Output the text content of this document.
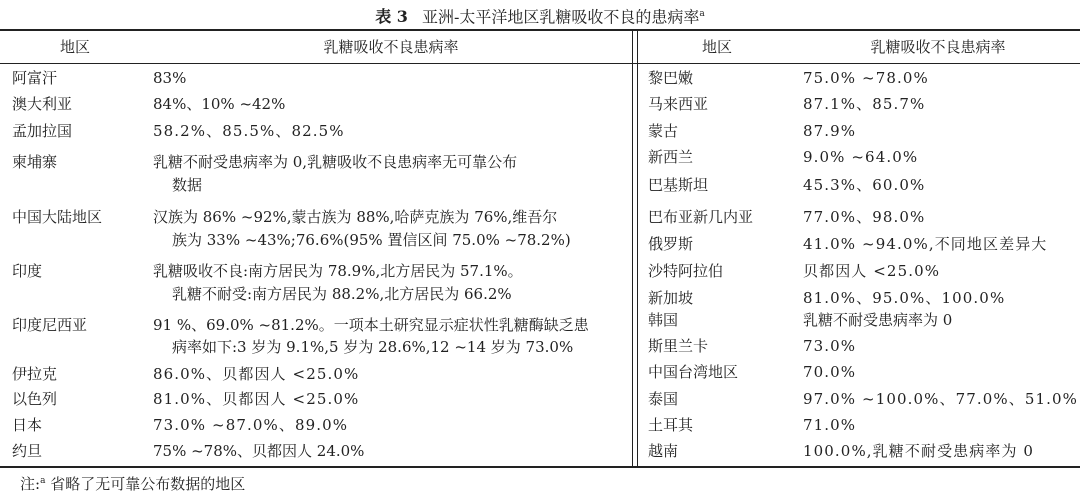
表 3 亚洲-太平洋地区乳糖吸收不良的患病率$^a$
地区	乳糖吸收不良患病率	地区	乳糖吸收不良患病率
阿富汗	83%
澳大利亚	84%、10% ~42%
孟加拉国	58.2%、85.5%、82.5%
柬埔寨	乳糖不耐受患病率为 0,乳糖吸收不良患病率无可靠公布
数据
中国大陆地区	汉族为 86% ~92%,蒙古族为 88%,哈萨克族为 76%,维吾尔
族为 33% ~43%;76.6%(95% 置信区间 75.0% ~78.2%)
印度	乳糖吸收不良:南方居民为 78.9%,北方居民为 57.1%。
乳糖不耐受:南方居民为 88.2%,北方居民为 66.2%
印度尼西亚	91 %、69.0% ~81.2%。一项本土研究显示症状性乳糖酶缺乏患
病率如下:3 岁为 9.1%,5 岁为 28.6%,12 ~14 岁为 73.0%
伊拉克	86.0%、贝都因人 <25.0%
以色列	81.0%、贝都因人 <25.0%
日本	73.0% ~87.0%、89.0%
约旦	75% ~78%、贝都因人 24.0%
黎巴嫩	75.0% ~78.0%
马来西亚	87.1%、85.7%
蒙古	87.9%
新西兰	9.0% ~64.0%
巴基斯坦	45.3%、60.0%
巴布亚新几内亚	77.0%、98.0%
俄罗斯	41.0% ~94.0%,不同地区差异大
沙特阿拉伯	贝都因人 <25.0%
新加坡	81.0%、95.0%、100.0%
韩国	乳糖不耐受患病率为 0
斯里兰卡	73.0%
中国台湾地区	70.0%
泰国	97.0% ~100.0%、77.0%、51.0%
土耳其	71.0%
越南	100.0%,乳糖不耐受患病率为 0
注:$^a$ 省略了无可靠公布数据的地区
